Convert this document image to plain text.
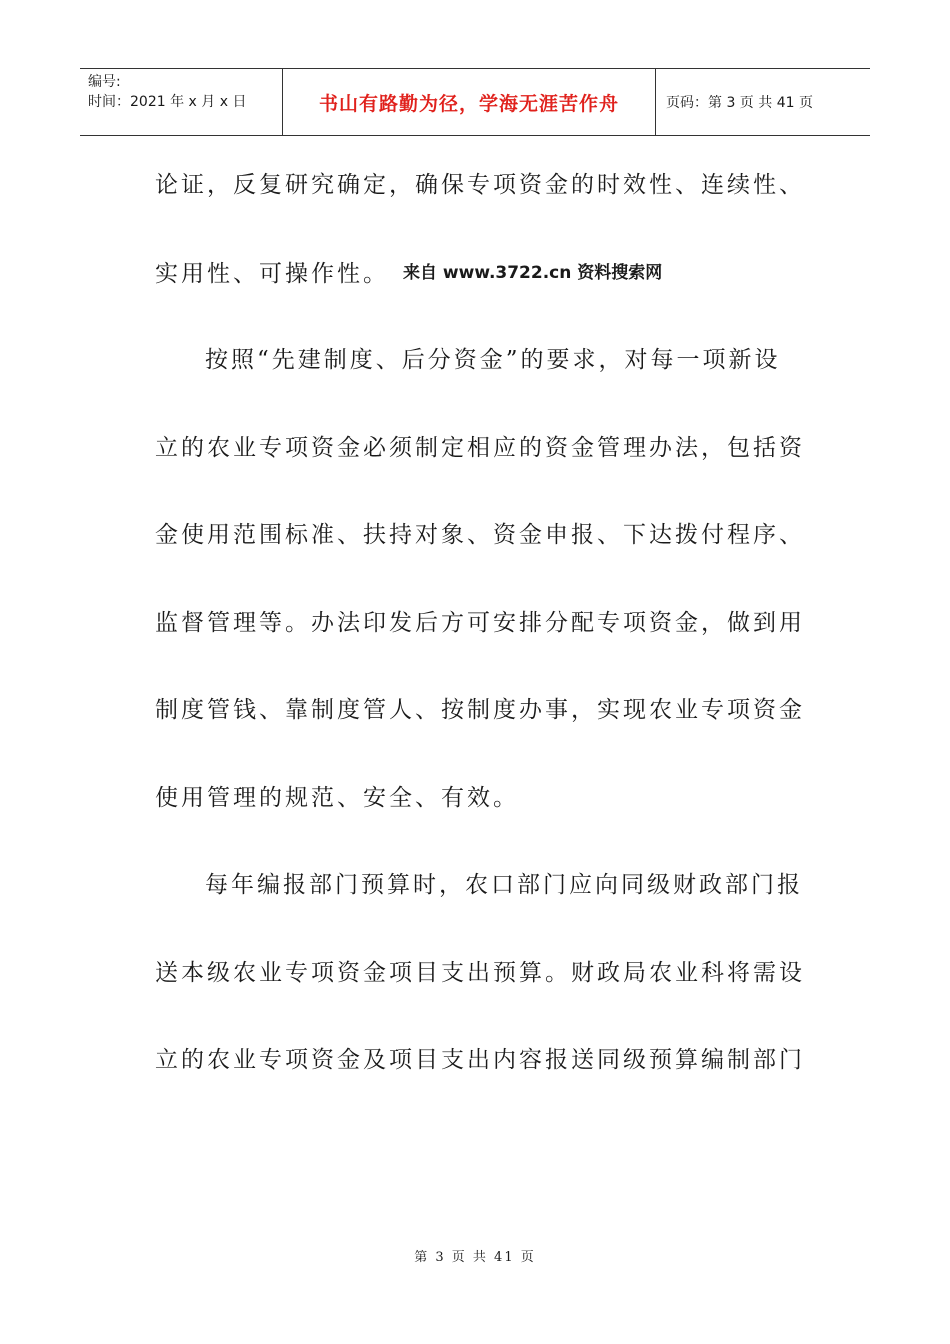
编号:
时间：2021 年 x 月 x 日	书山有路勤为径，学海无涯苦作舟	页码：第 3 页 共 41 页
论证，反复研究确定，确保专项资金的时效性、连续性、
实用性、可操作性。 来自 www.3722.cn 资料搜索网
按照“先建制度、后分资金”的要求，对每一项新设
立的农业专项资金必须制定相应的资金管理办法，包括资
金使用范围标准、扶持对象、资金申报、下达拨付程序、
监督管理等。办法印发后方可安排分配专项资金，做到用
制度管钱、靠制度管人、按制度办事，实现农业专项资金
使用管理的规范、安全、有效。
每年编报部门预算时，农口部门应向同级财政部门报
送本级农业专项资金项目支出预算。财政局农业科将需设
立的农业专项资金及项目支出内容报送同级预算编制部门
第 3 页 共 41 页
